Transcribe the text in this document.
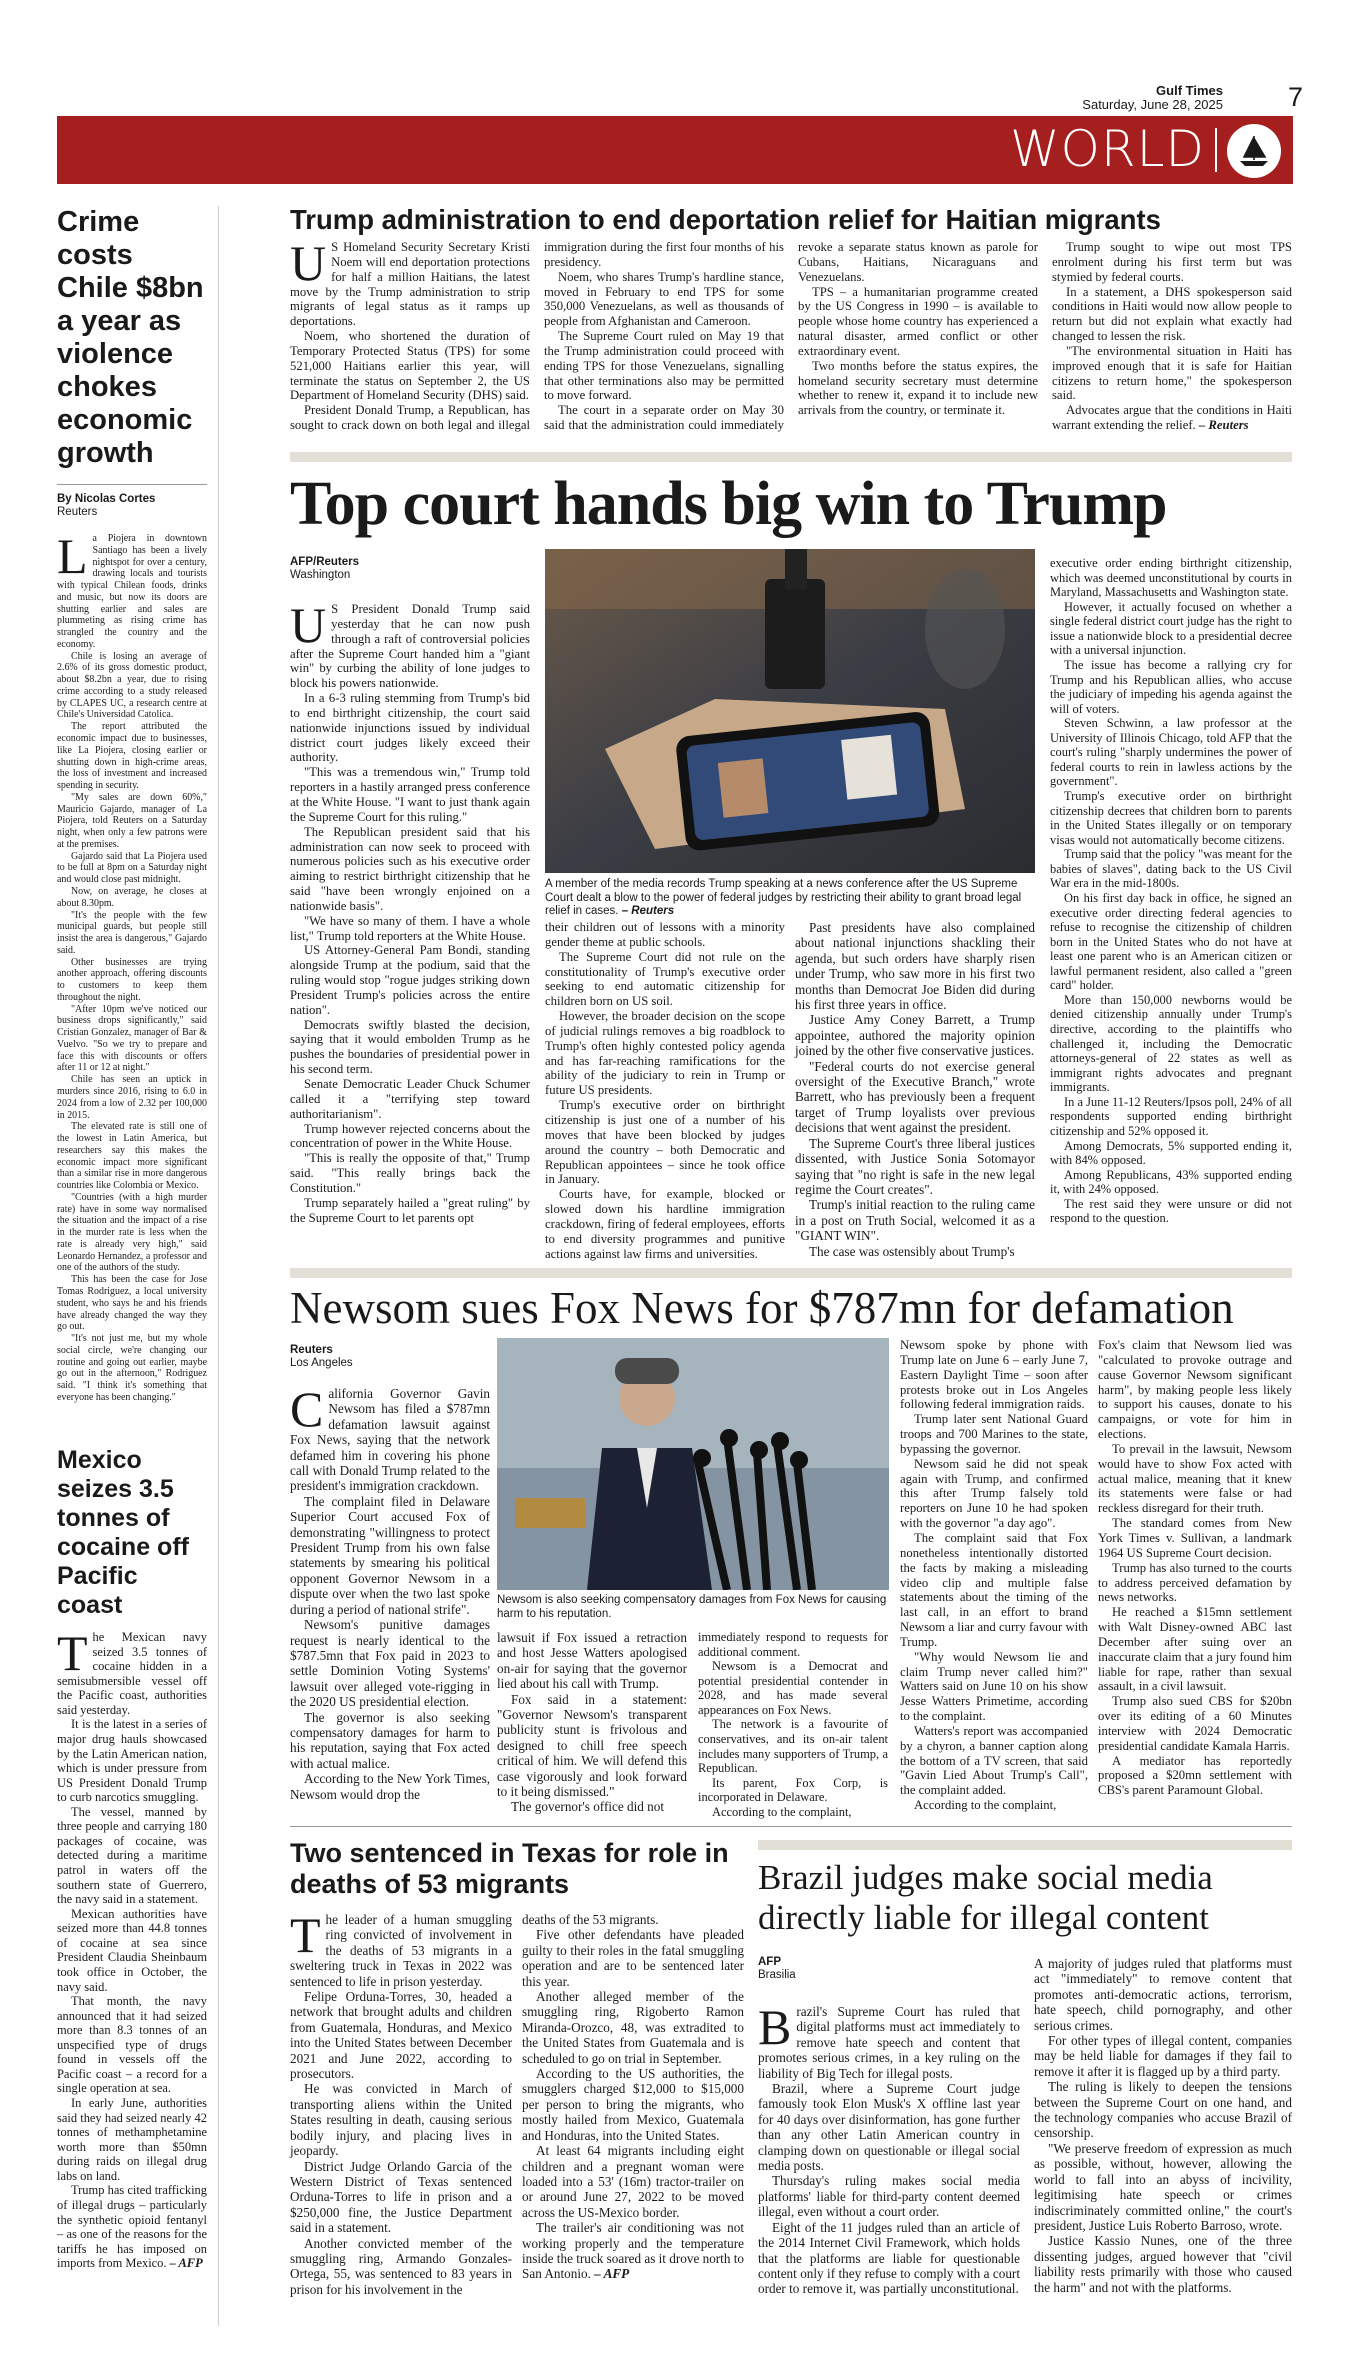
Gulf Times
Saturday, June 28, 2025 7
WORLD
Crime costs Chile $8bn a year as violence chokes economic growth
By Nicolas Cortes
Reuters

La Piojera in downtown Santiago has been a lively nightspot for over a century, drawing locals and tourists with typical Chilean foods, drinks and music, but now its doors are shutting earlier and sales are plummeting as rising crime has strangled the country and the economy.

Chile is losing an average of 2.6% of its gross domestic product, about $8.2bn a year, due to rising crime according to a study released by CLAPES UC, a research centre at Chile's Universidad Catolica.

The report attributed the economic impact due to businesses, like La Piojera, closing earlier or shutting down in high-crime areas, the loss of investment and increased spending in security.

"My sales are down 60%," Mauricio Gajardo, manager of La Piojera, told Reuters on a Saturday night, when only a few patrons were at the premises.

Gajardo said that La Piojera used to be full at 8pm on a Saturday night and would close past midnight.

Now, on average, he closes at about 8.30pm.

"It's the people with the few municipal guards, but people still insist the area is dangerous," Gajardo said.

Other businesses are trying another approach, offering discounts to customers to keep them throughout the night.

"After 10pm we've noticed our business drops significantly," said Cristian Gonzalez, manager of Bar & Vuelvo. "So we try to prepare and face this with discounts or offers after 11 or 12 at night."

Chile has seen an uptick in murders since 2016, rising to 6.0 in 2024 from a low of 2.32 per 100,000 in 2015.

The elevated rate is still one of the lowest in Latin America, but researchers say this makes the economic impact more significant than a similar rise in more dangerous countries like Colombia or Mexico.

"Countries (with a high murder rate) have in some way normalised the situation and the impact of a rise in the murder rate is less when the rate is already very high," said Leonardo Hernandez, a professor and one of the authors of the study.

This has been the case for Jose Tomas Rodriguez, a local university student, who says he and his friends have already changed the way they go out.

"It's not just me, but my whole social circle, we're changing our routine and going out earlier, maybe go out in the afternoon," Rodriguez said. "I think it's something that everyone has been changing."

Mexico seizes 3.5 tonnes of cocaine off Pacific coast

The Mexican navy seized 3.5 tonnes of cocaine hidden in a semisubmersible vessel off the Pacific coast, authorities said yesterday.

It is the latest in a series of major drug hauls showcased by the Latin American nation, which is under pressure from US President Donald Trump to curb narcotics smuggling.

The vessel, manned by three people and carrying 180 packages of cocaine, was detected during a maritime patrol in waters off the southern state of Guerrero, the navy said in a statement.

Mexican authorities have seized more than 44.8 tonnes of cocaine at sea since President Claudia Sheinbaum took office in October, the navy said.

That month, the navy announced that it had seized more than 8.3 tonnes of an unspecified type of drugs found in vessels off the Pacific coast – a record for a single operation at sea.

In early June, authorities said they had seized nearly 42 tonnes of methamphetamine worth more than $50mn during raids on illegal drug labs on land.

Trump has cited trafficking of illegal drugs – particularly the synthetic opioid fentanyl – as one of the reasons for the tariffs he has imposed on imports from Mexico. – AFP

Trump administration to end deportation relief for Haitian migrants

U S Homeland Security Secretary Kristi Noem will end deportation protections for half a million Haitians, the latest move by the Trump administration to strip migrants of legal status as it ramps up deportations.

Noem, who shortened the duration of Temporary Protected Status (TPS) for some 521,000 Haitians earlier this year, will terminate the status on September 2, the US Department of Homeland Security (DHS) said.

President Donald Trump, a Republican, has sought to crack down on both legal and illegal immigration during the first four months of his presidency.

Noem, who shares Trump's hardline stance, moved in February to end TPS for some 350,000 Venezuelans, as well as thousands of people from Afghanistan and Cameroon.

The Supreme Court ruled on May 19 that the Trump administration could proceed with ending TPS for those Venezuelans, signalling that other terminations also may be permitted to move forward.

The court in a separate order on May 30 said that the administration could immediately revoke a separate status known as parole for Cubans, Haitians, Nicaraguans and Venezuelans.

TPS – a humanitarian programme created by the US Congress in 1990 – is available to people whose home country has experienced a natural disaster, armed conflict or other extraordinary event.

Two months before the status expires, the homeland security secretary must determine whether to renew it, expand it to include new arrivals from the country, or terminate it.

Trump sought to wipe out most TPS enrolment during his first term but was stymied by federal courts.

In a statement, a DHS spokesperson said conditions in Haiti would now allow people to return but did not explain what exactly had changed to lessen the risk.

"The environmental situation in Haiti has improved enough that it is safe for Haitian citizens to return home," the spokesperson said.

Advocates argue that the conditions in Haiti warrant extending the relief. – Reuters

Top court hands big win to Trump
AFP/Reuters
Washington

U S President Donald Trump said yesterday that he can now push through a raft of controversial policies after the Supreme Court handed him a "giant win" by curbing the ability of lone judges to block his powers nationwide.

In a 6-3 ruling stemming from Trump's bid to end birthright citizenship, the court said nationwide injunctions issued by individual district court judges likely exceed their authority.

"This was a tremendous win," Trump told reporters in a hastily arranged press conference at the White House. "I want to just thank again the Supreme Court for this ruling."

The Republican president said that his administration can now seek to proceed with numerous policies such as his executive order aiming to restrict birthright citizenship that he said "have been wrongly enjoined on a nationwide basis".

"We have so many of them. I have a whole list," Trump told reporters at the White House.

US Attorney-General Pam Bondi, standing alongside Trump at the podium, said that the ruling would stop "rogue judges striking down President Trump's policies across the entire nation".

Democrats swiftly blasted the decision, saying that it would embolden Trump as he pushes the boundaries of presidential power in his second term.

Senate Democratic Leader Chuck Schumer called it a "terrifying step toward authoritarianism".

Trump however rejected concerns about the concentration of power in the White House.

"This is really the opposite of that," Trump said. "This really brings back the Constitution."

Trump separately hailed a "great ruling" by the Supreme Court to let parents opt

A member of the media records Trump speaking at a news conference after the US Supreme Court dealt a blow to the power of federal judges by restricting their ability to grant broad legal relief in cases. – Reuters

their children out of lessons with a minority gender theme at public schools.

The Supreme Court did not rule on the constitutionality of Trump's executive order seeking to end automatic citizenship for children born on US soil.

However, the broader decision on the scope of judicial rulings removes a big roadblock to Trump's often highly contested policy agenda and has far-reaching ramifications for the ability of the judiciary to rein in Trump or future US presidents.

Trump's executive order on birthright citizenship is just one of a number of his moves that have been blocked by judges around the country – both Democratic and Republican appointees – since he took office in January.

Courts have, for example, blocked or slowed down his hardline immigration crackdown, firing of federal employees, efforts to end diversity programmes and punitive actions against law firms and universities.

Past presidents have also complained about national injunctions shackling their agenda, but such orders have sharply risen under Trump, who saw more in his first two months than Democrat Joe Biden did during his first three years in office.

Justice Amy Coney Barrett, a Trump appointee, authored the majority opinion joined by the other five conservative justices.

"Federal courts do not exercise general oversight of the Executive Branch," wrote Barrett, who has previously been a frequent target of Trump loyalists over previous decisions that went against the president.

The Supreme Court's three liberal justices dissented, with Justice Sonia Sotomayor saying that "no right is safe in the new legal regime the Court creates".

Trump's initial reaction to the ruling came in a post on Truth Social, welcomed it as a "GIANT WIN".

The case was ostensibly about Trump's

executive order ending birthright citizenship, which was deemed unconstitutional by courts in Maryland, Massachusetts and Washington state.

However, it actually focused on whether a single federal district court judge has the right to issue a nationwide block to a presidential decree with a universal injunction.

The issue has become a rallying cry for Trump and his Republican allies, who accuse the judiciary of impeding his agenda against the will of voters.

Steven Schwinn, a law professor at the University of Illinois Chicago, told AFP that the court's ruling "sharply undermines the power of federal courts to rein in lawless actions by the government".

Trump's executive order on birthright citizenship decrees that children born to parents in the United States illegally or on temporary visas would not automatically become citizens.

Trump said that the policy "was meant for the babies of slaves", dating back to the US Civil War era in the mid-1800s.

On his first day back in office, he signed an executive order directing federal agencies to refuse to recognise the citizenship of children born in the United States who do not have at least one parent who is an American citizen or lawful permanent resident, also called a "green card" holder.

More than 150,000 newborns would be denied citizenship annually under Trump's directive, according to the plaintiffs who challenged it, including the Democratic attorneys-general of 22 states as well as immigrant rights advocates and pregnant immigrants.

In a June 11-12 Reuters/Ipsos poll, 24% of all respondents supported ending birthright citizenship and 52% opposed it.

Among Democrats, 5% supported ending it, with 84% opposed.

Among Republicans, 43% supported ending it, with 24% opposed.

The rest said they were unsure or did not respond to the question.

Newsom sues Fox News for $787mn for defamation
Reuters
Los Angeles

California Governor Gavin Newsom has filed a $787mn defamation lawsuit against Fox News, saying that the network defamed him in covering his phone call with Donald Trump related to the president's immigration crackdown.

The complaint filed in Delaware Superior Court accused Fox of demonstrating "willingness to protect President Trump from his own false statements by smearing his political opponent Governor Newsom in a dispute over when the two last spoke during a period of national strife".

Newsom's punitive damages request is nearly identical to the $787.5mn that Fox paid in 2023 to settle Dominion Voting Systems' lawsuit over alleged vote-rigging in the 2020 US presidential election.

The governor is also seeking compensatory damages for harm to his reputation, saying that Fox acted with actual malice.

According to the New York Times, Newsom would drop the

Newsom is also seeking compensatory damages from Fox News for causing harm to his reputation.

lawsuit if Fox issued a retraction and host Jesse Watters apologised on-air for saying that the governor lied about his call with Trump.

Fox said in a statement: "Governor Newsom's transparent publicity stunt is frivolous and designed to chill free speech critical of him. We will defend this case vigorously and look forward to it being dismissed."

The governor's office did not

immediately respond to requests for additional comment.

Newsom is a Democrat and potential presidential contender in 2028, and has made several appearances on Fox News.

The network is a favourite of conservatives, and its on-air talent includes many supporters of Trump, a Republican.

Its parent, Fox Corp, is incorporated in Delaware.

According to the complaint,

Newsom spoke by phone with Trump late on June 6 – early June 7, Eastern Daylight Time – soon after protests broke out in Los Angeles following federal immigration raids.

Trump later sent National Guard troops and 700 Marines to the state, bypassing the governor.

Newsom said he did not speak again with Trump, and confirmed this after Trump falsely told reporters on June 10 he had spoken with the governor "a day ago".

The complaint said that Fox nonetheless intentionally distorted the facts by making a misleading video clip and multiple false statements about the timing of the last call, in an effort to brand Newsom a liar and curry favour with Trump.

"Why would Newsom lie and claim Trump never called him?" Watters said on June 10 on his show Jesse Watters Primetime, according to the complaint.

Watters's report was accompanied by a chyron, a banner caption along the bottom of a TV screen, that said "Gavin Lied About Trump's Call", the complaint added.

According to the complaint,

Fox's claim that Newsom lied was "calculated to provoke outrage and cause Governor Newsom significant harm", by making people less likely to support his causes, donate to his campaigns, or vote for him in elections.

To prevail in the lawsuit, Newsom would have to show Fox acted with actual malice, meaning that it knew its statements were false or had reckless disregard for their truth.

The standard comes from New York Times v. Sullivan, a landmark 1964 US Supreme Court decision.

Trump has also turned to the courts to address perceived defamation by news networks.

He reached a $15mn settlement with Walt Disney-owned ABC last December after suing over an inaccurate claim that a jury found him liable for rape, rather than sexual assault, in a civil lawsuit.

Trump also sued CBS for $20bn over its editing of a 60 Minutes interview with 2024 Democratic presidential candidate Kamala Harris.

A mediator has reportedly proposed a $20mn settlement with CBS's parent Paramount Global.

Two sentenced in Texas for role in deaths of 53 migrants

The leader of a human smuggling ring convicted of involvement in the deaths of 53 migrants in a sweltering truck in Texas in 2022 was sentenced to life in prison yesterday.

Felipe Orduna-Torres, 30, headed a network that brought adults and children from Guatemala, Honduras, and Mexico into the United States between December 2021 and June 2022, according to prosecutors.

He was convicted in March of transporting aliens within the United States resulting in death, causing serious bodily injury, and placing lives in jeopardy.

District Judge Orlando Garcia of the Western District of Texas sentenced Orduna-Torres to life in prison and a $250,000 fine, the Justice Department said in a statement.

Another convicted member of the smuggling ring, Armando Gonzales-Ortega, 55, was sentenced to 83 years in prison for his involvement in the

deaths of the 53 migrants.

Five other defendants have pleaded guilty to their roles in the fatal smuggling operation and are to be sentenced later this year.

Another alleged member of the smuggling ring, Rigoberto Ramon Miranda-Orozco, 48, was extradited to the United States from Guatemala and is scheduled to go on trial in September.

According to the US authorities, the smugglers charged $12,000 to $15,000 per person to bring the migrants, who mostly hailed from Mexico, Guatemala and Honduras, into the United States.

At least 64 migrants including eight children and a pregnant woman were loaded into a 53' (16m) tractor-trailer on or around June 27, 2022 to be moved across the US-Mexico border.

The trailer's air conditioning was not working properly and the temperature inside the truck soared as it drove north to San Antonio. – AFP

Brazil judges make social media directly liable for illegal content
AFP
Brasilia

Brazil's Supreme Court has ruled that digital platforms must act immediately to remove hate speech and content that promotes serious crimes, in a key ruling on the liability of Big Tech for illegal posts.

Brazil, where a Supreme Court judge famously took Elon Musk's X offline last year for 40 days over disinformation, has gone further than any other Latin American country in clamping down on questionable or illegal social media posts.

Thursday's ruling makes social media platforms' liable for third-party content deemed illegal, even without a court order.

Eight of the 11 judges ruled than an article of the 2014 Internet Civil Framework, which holds that the platforms are liable for questionable content only if they refuse to comply with a court order to remove it, was partially unconstitutional.

A majority of judges ruled that platforms must act "immediately" to remove content that promotes anti-democratic actions, terrorism, hate speech, child pornography, and other serious crimes.

For other types of illegal content, companies may be held liable for damages if they fail to remove it after it is flagged up by a third party.

The ruling is likely to deepen the tensions between the Supreme Court on one hand, and the technology companies who accuse Brazil of censorship.

"We preserve freedom of expression as much as possible, without, however, allowing the world to fall into an abyss of incivility, legitimising hate speech or crimes indiscriminately committed online," the court's president, Justice Luis Roberto Barroso, wrote.

Justice Kassio Nunes, one of the three dissenting judges, argued however that "civil liability rests primarily with those who caused the harm" and not with the platforms.
